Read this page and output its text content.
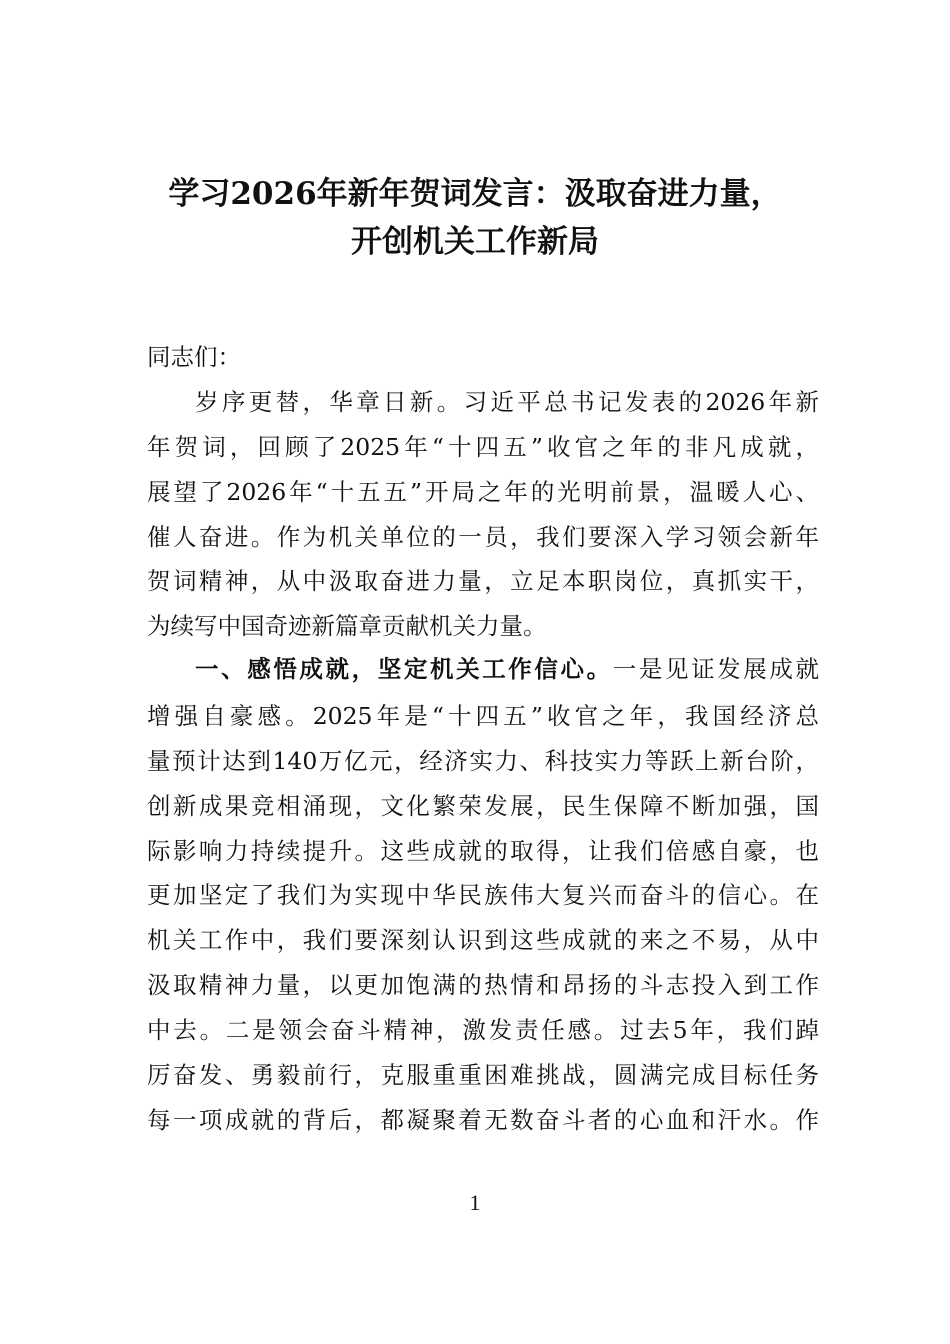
学习2026年新年贺词发言：汲取奋进力量，
开创机关工作新局
同志们：
岁序更替，华章日新。习近平总书记发表的2026年新
年贺词，回顾了2025年“十四五”收官之年的非凡成就，
展望了2026年“十五五”开局之年的光明前景，温暖人心、
催人奋进。作为机关单位的一员，我们要深入学习领会新年
贺词精神，从中汲取奋进力量，立足本职岗位，真抓实干，
为续写中国奇迹新篇章贡献机关力量。
一、感悟成就，坚定机关工作信心。一是见证发展成就
增强自豪感。2025年是“十四五”收官之年，我国经济总
量预计达到140万亿元，经济实力、科技实力等跃上新台阶，
创新成果竞相涌现，文化繁荣发展，民生保障不断加强，国
际影响力持续提升。这些成就的取得，让我们倍感自豪，也
更加坚定了我们为实现中华民族伟大复兴而奋斗的信心。在
机关工作中，我们要深刻认识到这些成就的来之不易，从中
汲取精神力量，以更加饱满的热情和昂扬的斗志投入到工作
中去。二是领会奋斗精神，激发责任感。过去5年，我们踔
厉奋发、勇毅前行，克服重重困难挑战，圆满完成目标任务
每一项成就的背后，都凝聚着无数奋斗者的心血和汗水。作
1
